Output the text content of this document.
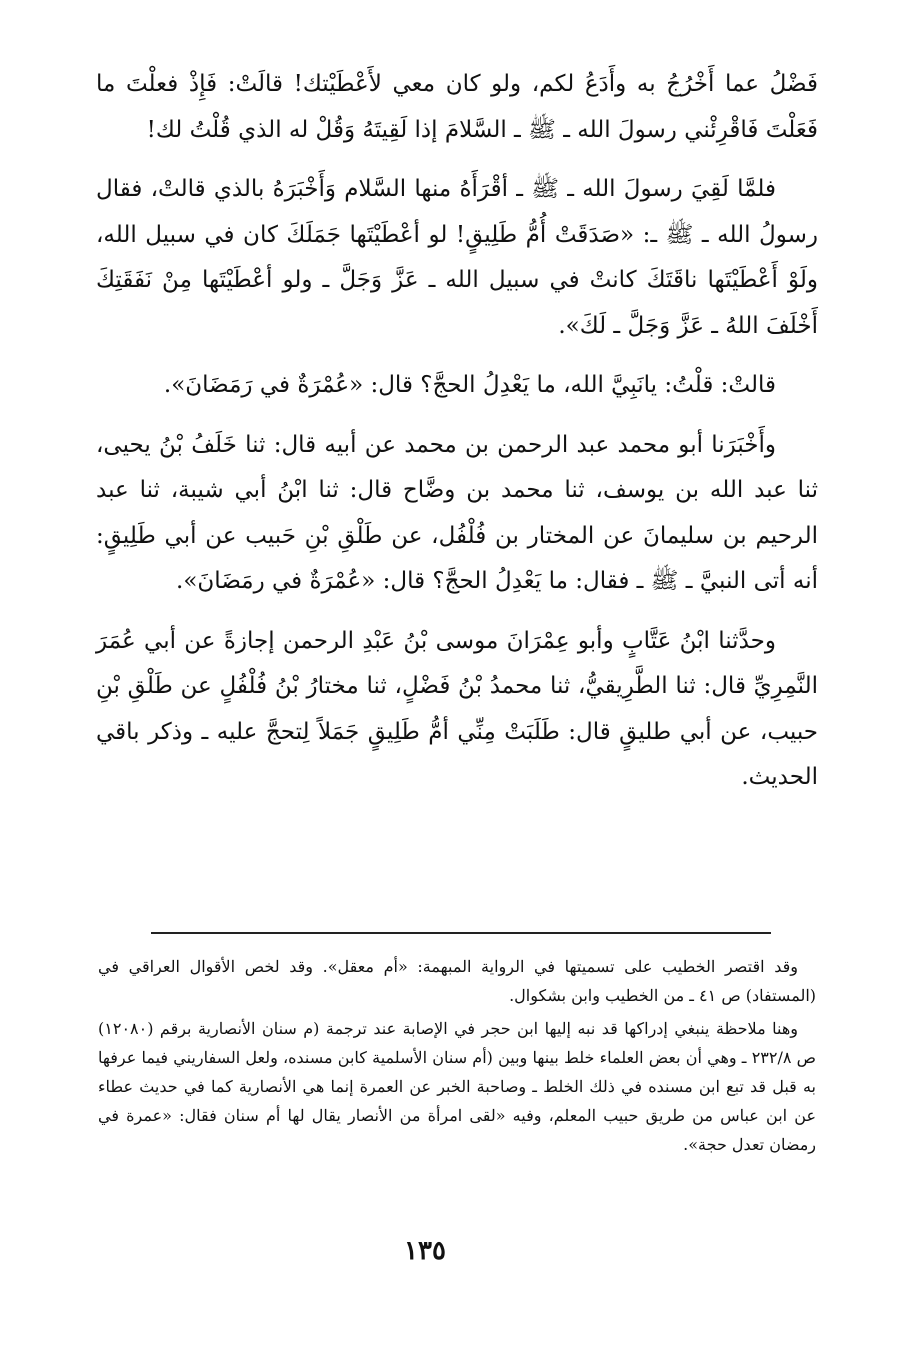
فَضْلُ عما أَخْرُجُ به وأَدَعُ لكم، ولو كان معي لأَعْطَيْتك! قالَتْ: فَإِذْ فعلْتَ ما فَعَلْتَ فَاقْرِئْني رسولَ الله ـ ﷺ ـ السَّلامَ إذا لَقِيتَهُ وَقُلْ له الذي قُلْتُ لك!

فلمَّا لَقِيَ رسولَ الله ـ ﷺ ـ أقْرَأَهُ منها السَّلام وَأَخْبَرَهُ بالذي قالتْ، فقال رسولُ الله ـ ﷺ ـ: «صَدَقَتْ أُمُّ طَلِيقٍ! لو أعْطَيْتَها جَمَلَكَ كان في سبيل الله، ولَوْ أَعْطَيْتَها ناقَتَكَ كانتْ في سبيل الله ـ عَزَّ وَجَلَّ ـ ولو أعْطَيْتَها مِنْ نَفَقَتِكَ أَخْلَفَ اللهُ ـ عَزَّ وَجَلَّ ـ لَكَ».

قالتْ: قلْتُ: يانَبِيَّ الله، ما يَعْدِلُ الحجَّ؟ قال: «عُمْرَةٌ في رَمَضَانَ».

وأَخْبَرَنا أبو محمد عبد الرحمن بن محمد عن أبيه قال: ثنا خَلَفُ بْنُ يحيى، ثنا عبد الله بن يوسف، ثنا محمد بن وضَّاح قال: ثنا ابْنُ أبي شيبة، ثنا عبد الرحيم بن سليمانَ عن المختار بن فُلْفُل، عن طَلْقِ بْنِ حَبيب عن أبي طَلِيقٍ: أنه أتى النبيَّ ـ ﷺ ـ فقال: ما يَعْدِلُ الحجَّ؟ قال: «عُمْرَةٌ في رمَضَانَ».

وحدَّثنا ابْنُ عَتَّابٍ وأبو عِمْرَانَ موسى بْنُ عَبْدِ الرحمن إجازةً عن أبي عُمَرَ النَّمِرِيِّ قال: ثنا الطَّرِيقيُّ، ثنا محمدُ بْنُ فَضْلٍ، ثنا مختارُ بْنُ فُلْفُلٍ عن طَلْقِ بْنِ حبيب، عن أبي طليقٍ قال: طَلَبَتْ مِنِّي أمُّ طَلِيقٍ جَمَلاً لِتحجَّ عليه ـ وذكر باقي الحديث.

وقد اقتصر الخطيب على تسميتها في الرواية المبهمة: «أم معقل». وقد لخص الأقوال العراقي في (المستفاد) ص ٤١ ـ من الخطيب وابن بشكوال.

وهنا ملاحظة ينبغي إدراكها قد نبه إليها ابن حجر في الإصابة عند ترجمة (م سنان الأنصارية برقم (١٢٠٨٠) ص ٢٣٢/٨ ـ وهي أن بعض العلماء خلط بينها وبين (أم سنان الأسلمية كابن مسنده، ولعل السفاريني فيما عرفها به قبل قد تبع ابن مسنده في ذلك الخلط ـ وصاحبة الخبر عن العمرة إنما هي الأنصارية كما في حديث عطاء عن ابن عباس من طريق حبيب المعلم، وفيه «لقى امرأة من الأنصار يقال لها أم سنان فقال: «عمرة في رمضان تعدل حجة».

١٣٥
